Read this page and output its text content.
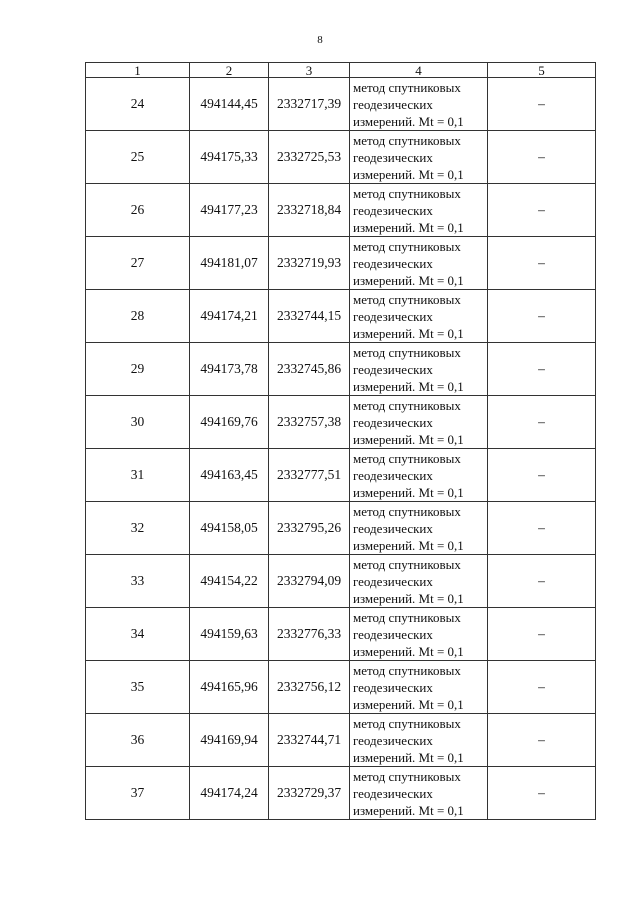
8
1	2	3	4	5
24	494144,45	2332717,39	метод спутниковых
геодезических
измерений. Mt = 0,1	–
25	494175,33	2332725,53	метод спутниковых
геодезических
измерений. Mt = 0,1	–
26	494177,23	2332718,84	метод спутниковых
геодезических
измерений. Mt = 0,1	–
27	494181,07	2332719,93	метод спутниковых
геодезических
измерений. Mt = 0,1	–
28	494174,21	2332744,15	метод спутниковых
геодезических
измерений. Mt = 0,1	–
29	494173,78	2332745,86	метод спутниковых
геодезических
измерений. Mt = 0,1	–
30	494169,76	2332757,38	метод спутниковых
геодезических
измерений. Mt = 0,1	–
31	494163,45	2332777,51	метод спутниковых
геодезических
измерений. Mt = 0,1	–
32	494158,05	2332795,26	метод спутниковых
геодезических
измерений. Mt = 0,1	–
33	494154,22	2332794,09	метод спутниковых
геодезических
измерений. Mt = 0,1	–
34	494159,63	2332776,33	метод спутниковых
геодезических
измерений. Mt = 0,1	–
35	494165,96	2332756,12	метод спутниковых
геодезических
измерений. Mt = 0,1	–
36	494169,94	2332744,71	метод спутниковых
геодезических
измерений. Mt = 0,1	–
37	494174,24	2332729,37	метод спутниковых
геодезических
измерений. Mt = 0,1	–
